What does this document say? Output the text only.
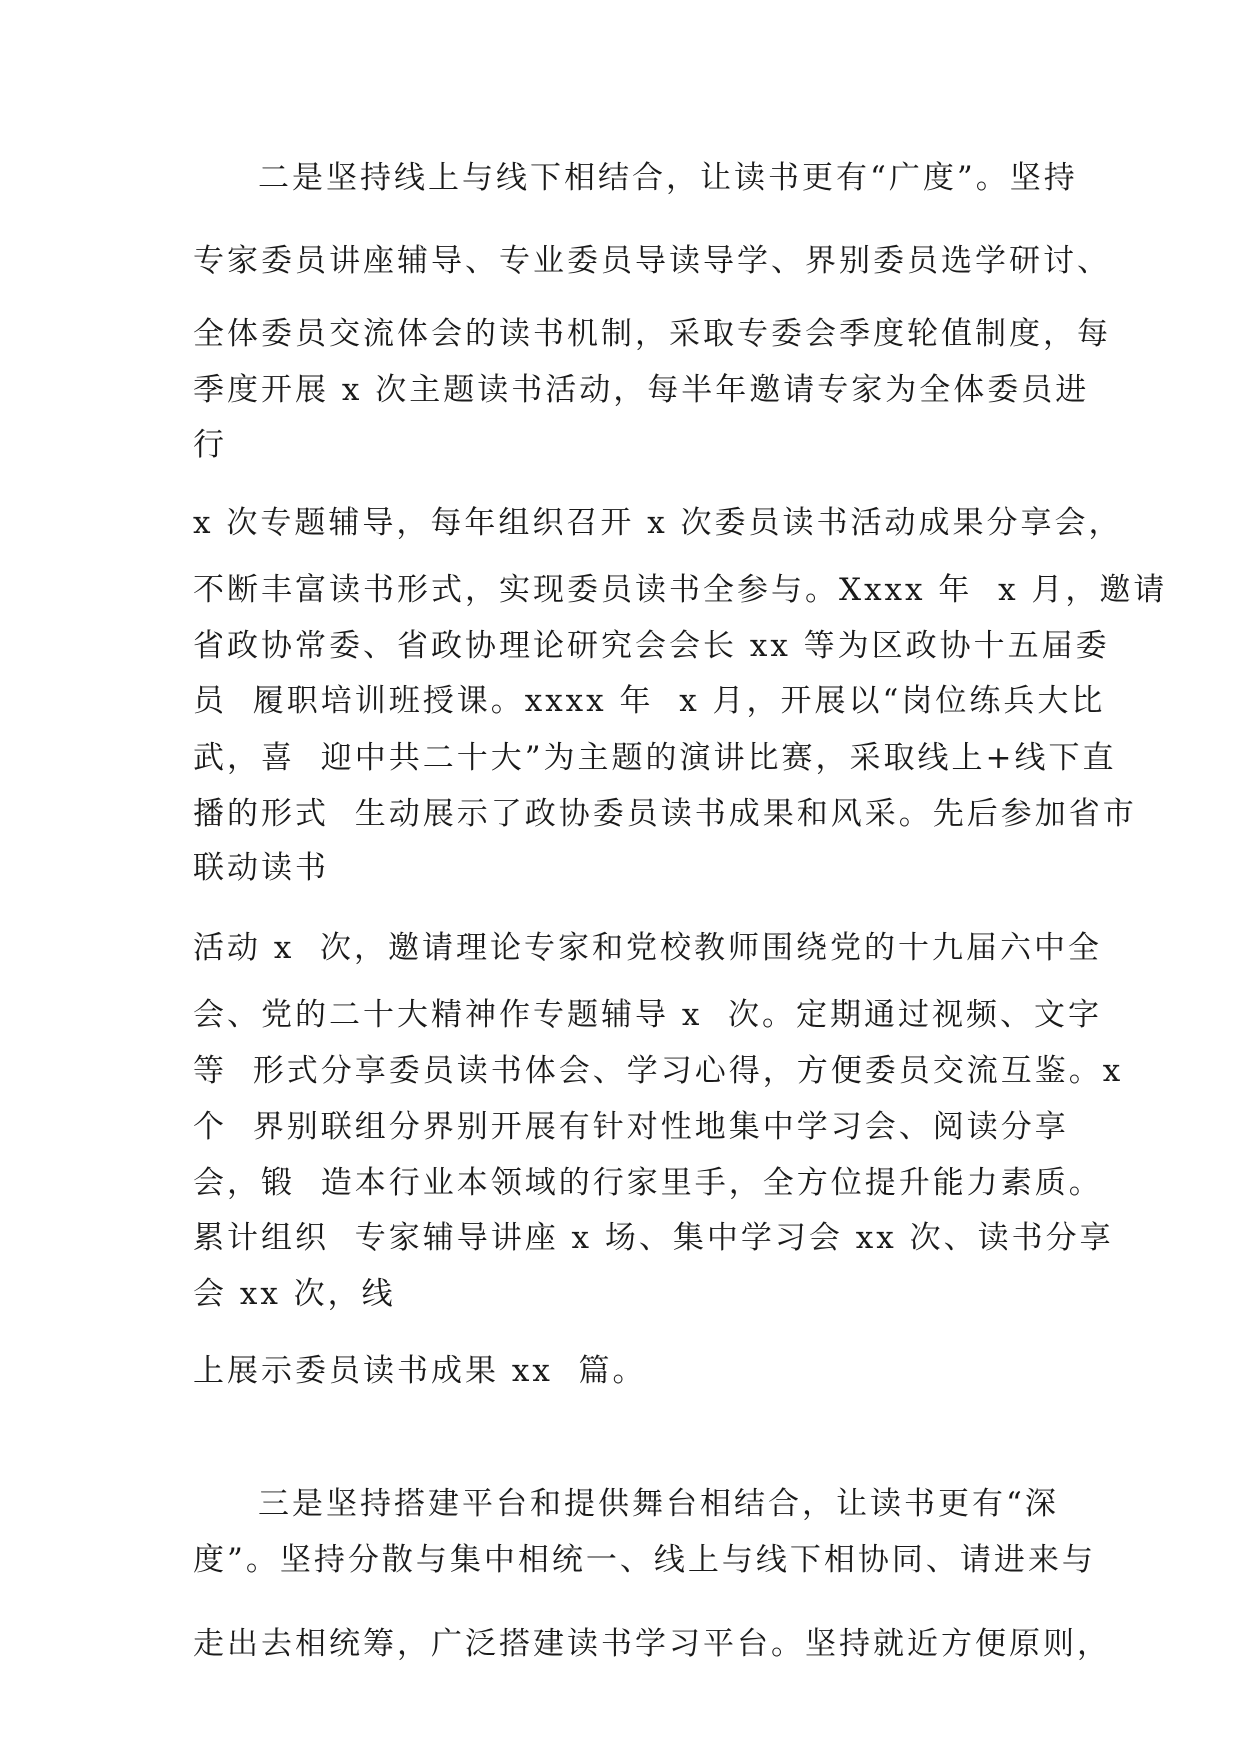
二是坚持线上与线下相结合，让读书更有“广度”。坚持

专家委员讲座辅导、专业委员导读导学、界别委员选学研讨、

全体委员交流体会的读书机制，采取专委会季度轮值制度，每

季度开展 x 次主题读书活动，每半年邀请专家为全体委员进

行

x 次专题辅导，每年组织召开 x 次委员读书活动成果分享会，

不断丰富读书形式，实现委员读书全参与。Xxxx 年  x 月，邀请

省政协常委、省政协理论研究会会长 xx 等为区政协十五届委

员  履职培训班授课。xxxx 年  x 月，开展以“岗位练兵大比

武，喜  迎中共二十大”为主题的演讲比赛，采取线上+线下直

播的形式  生动展示了政协委员读书成果和风采。先后参加省市

联动读书

活动 x  次，邀请理论专家和党校教师围绕党的十九届六中全

会、党的二十大精神作专题辅导 x  次。定期通过视频、文字

等  形式分享委员读书体会、学习心得，方便委员交流互鉴。x

个  界别联组分界别开展有针对性地集中学习会、阅读分享

会，锻  造本行业本领域的行家里手，全方位提升能力素质。

累计组织  专家辅导讲座 x 场、集中学习会 xx 次、读书分享

会 xx 次，线

上展示委员读书成果 xx  篇。

三是坚持搭建平台和提供舞台相结合，让读书更有“深

度”。坚持分散与集中相统一、线上与线下相协同、请进来与

走出去相统筹，广泛搭建读书学习平台。坚持就近方便原则，
